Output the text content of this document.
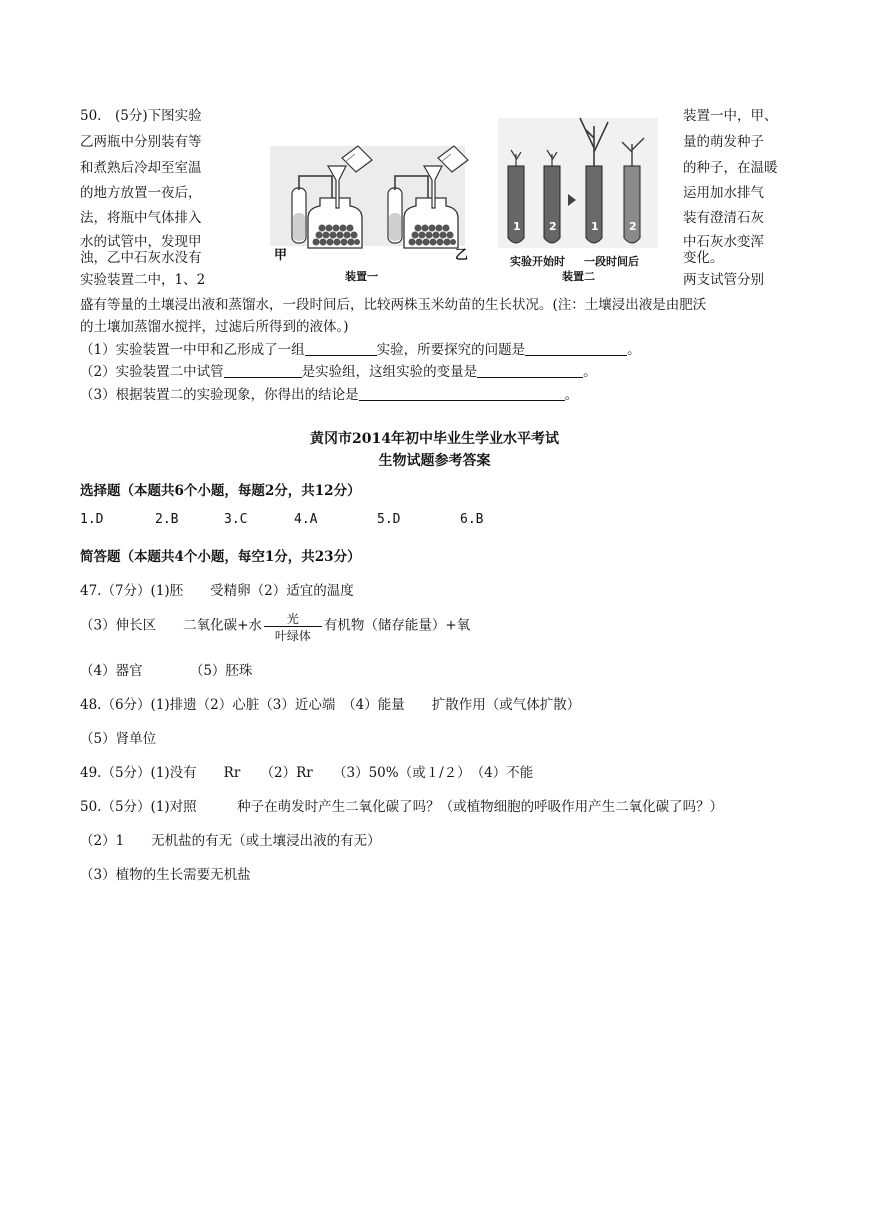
50.　(5分)下图实验
乙两瓶中分别装有等
和煮熟后冷却至室温
的地方放置一夜后，
法，将瓶中气体排入
水的试管中，发现甲
浊，乙中石灰水没有
实验装置二中，1、2
装置一中，甲、
量的萌发种子
的种子，在温暖
运用加水排气
装有澄清石灰
中石灰水变浑
变化。
两支试管分别
甲	乙
装置一
实验开始时 一段时间后
装置二
1	2	1	2
盛有等量的土壤浸出液和蒸馏水，一段时间后，比较两株玉米幼苗的生长状况。(注：土壤浸出液是由肥沃
的土壤加蒸馏水搅拌，过滤后所得到的液体。)
（1）实验装置一中甲和乙形成了一组	实验，所要探究的问题是	。
（2）实验装置二中试管	是实验组，这组实验的变量是	。
（3）根据装置二的实验现象，你得出的结论是	。
黄冈市2014年初中毕业生学业水平考试
生物试题参考答案
选择题（本题共6个小题，每题2分，共12分）
1.D	2.B	3.C	4.A	5.D	6.B
简答题（本题共4个小题，每空1分，共23分）
47.（7分）(1)胚　　受精卵（2）适宜的温度
（3）伸长区　　二氧化碳+水	光
叶绿体
有机物（储存能量）+氧
（4）器官　　　　（5）胚珠
48.（6分）(1)排遗（2）心脏（3）近心端　（4）能量　　扩散作用（或气体扩散）
（5）肾单位
49.（5分）(1)没有　　Rr　　（2）Rr　　（3）50%（或１/２）　（4）不能
50.（5分）(1)对照　　　种子在萌发时产生二氧化碳了吗？（或植物细胞的呼吸作用产生二氧化碳了吗？）
（2）1　　无机盐的有无（或土壤浸出液的有无）
（3）植物的生长需要无机盐
